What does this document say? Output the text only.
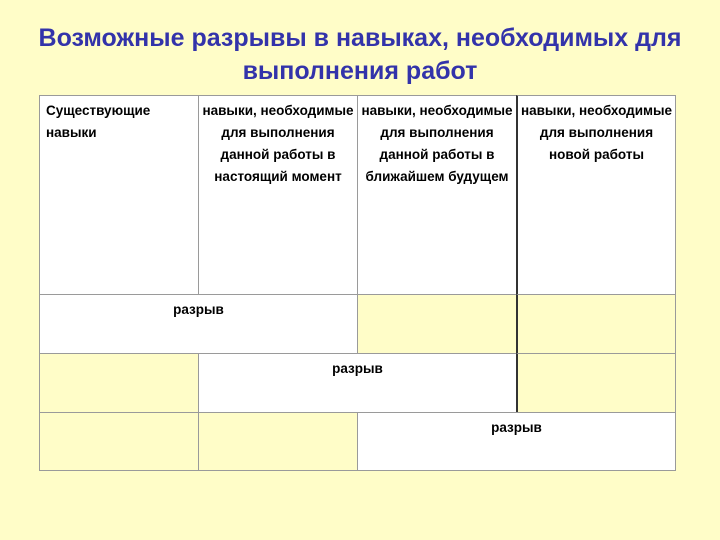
Возможные разрывы в навыках, необходимых для выполнения работ
Существующие навыки
навыки, необходимые для выполнения данной работы в настоящий момент
навыки, необходимые для выполнения данной работы в ближайшем будущем
навыки, необходимые для выполнения новой работы
разрыв
разрыв
разрыв
